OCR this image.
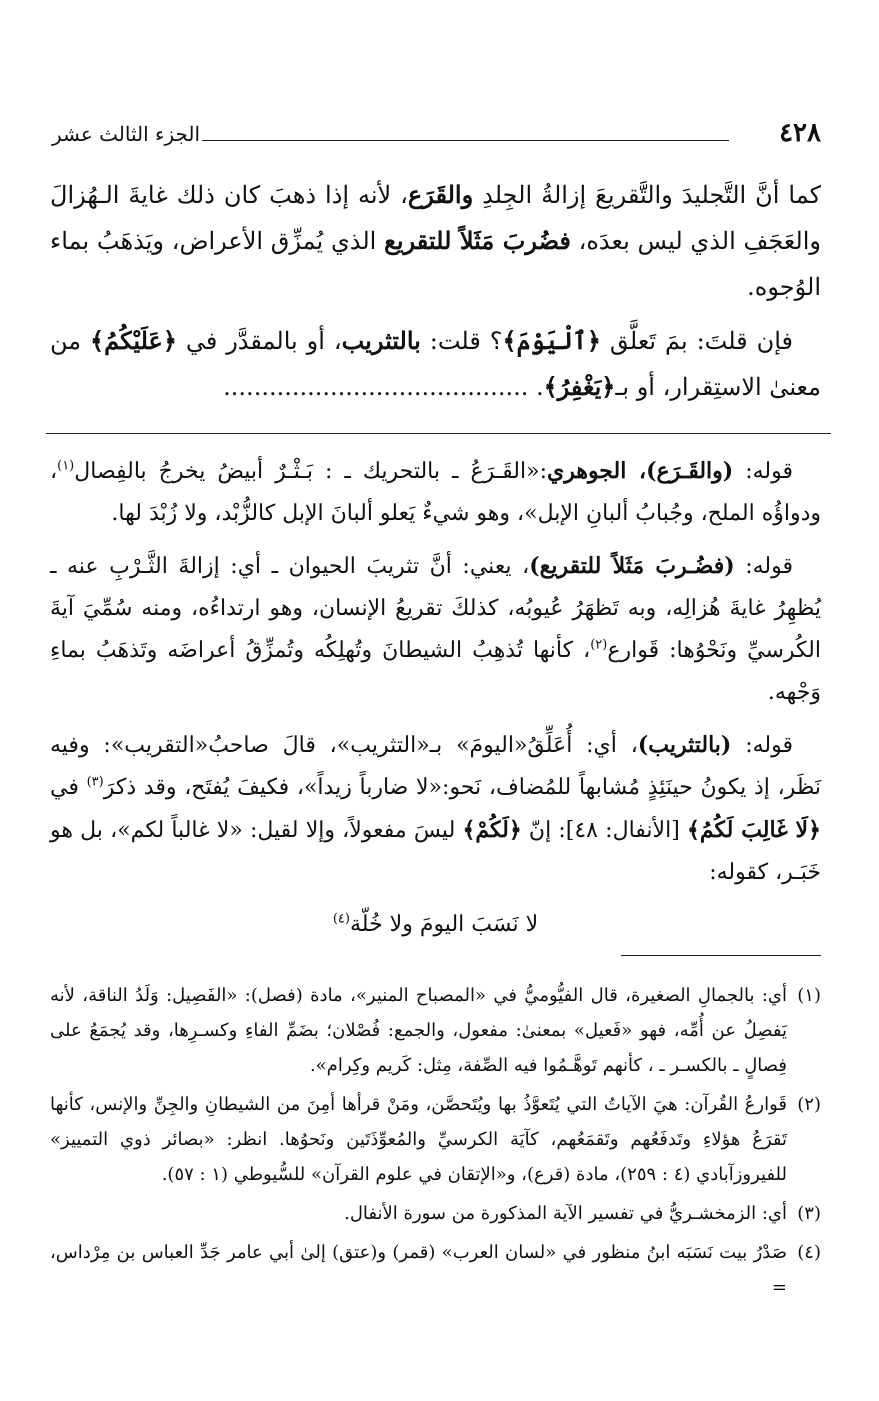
٤٢٨
الجزء الثالث عشر

كما أنَّ التَّجليدَ والتَّقريعَ إزالةُ الجِلدِ والقَرَع، لأنه إذا ذهبَ كان ذلك غايةَ الـهُزالَ والعَجَفِ الذي ليس بعدَه، فضُربَ مَثَلاً للتقريع الذي يُمزِّق الأعراض، ويَذهَبُ بماء الوُجوه.

فإن قلتَ: بمَ تَعلَّق ﴿ٱلْيَوْمَ﴾؟ قلت: بالتثريب، أو بالمقدَّر في ﴿عَلَيْكُمُ﴾ من معنىٰ الاستِقرار، أو بـ﴿يَغْفِرُ﴾. ........................................

قوله: (والقَـرَع)، الجوهري:«القَـرَعُ ـ بالتحريك ـ : بَـثْـرٌ أبيضُ يخرجُ بالفِصال$^{(١)}$، ودواؤُه الملح، وجُبابُ ألبانِ الإبل»، وهو شيءٌ يَعلو ألبانَ الإبل كالزُّبْد، ولا زُبْدَ لها.

قوله: (فضُـربَ مَثَلاً للتقريع)، يعني: أنَّ تثريبَ الحيوان ـ أي: إزالةَ الثَّـرْبِ عنه ـ يُظهِرُ غايةَ هُزالِه، وبه تَظهَرُ عُيوبُه، كذلكَ تقريعُ الإنسان، وهو ارتداءُه، ومنه سُمِّيَ آيةَ الكُرسيِّ ونَحْوُها: قَوارع$^{(٢)}$، كأنها تُذهِبُ الشيطانَ وتُهلِكُه وتُمزِّقُ أعراضَه وتَذهَبُ بماءِ وَجْهه.

قوله: (بالتثريب)، أي: أُعَلِّقُ«اليومَ» بـ«التثريب»، قالَ صاحبُ«التقريب»: وفيه نَظَر، إذ يكونُ حينَئِذٍ مُشابهاً للمُضاف، نَحو:«لا ضارباً زيداً»، فكيفَ يُفتَح، وقد ذكرَ$^{(٣)}$ في ﴿لَا غَالِبَ لَكُمُ﴾ [الأنفال: ٤٨]: إنّ ﴿لَكُمْ﴾ ليسَ مفعولاً، وإلا لقيل: «لا غالباً لكم»، بل هو خَبَـر، كقوله:

لا نَسَبَ اليومَ ولا خُلّة$^{(٤)}$

(١)أي: بالجمالِ الصغيرة، قال الفيُّوميُّ في «المصباح المنير»، مادة (فصل): «الفَصِيل: وَلَدُ الناقة، لأنه يَفصِلُ عن أُمِّه، فهو «فَعيل» بمعنىٰ: مفعول، والجمع: فُصْلان؛ بضَمِّ الفاءِ وكسـرِها، وقد يُجمَعُ على فِصالٍ ـ بالكسـر ـ ، كأنهم تَوهَّـمُوا فيه الصِّفة، مِثل: كَريم وكِرام».

(٢)قَوارعُ القُرآن: هيَ الآياتُ التي يُتَعوَّذُ بها ويُتَحصَّن، ومَنْ قرأها أمِنَ من الشيطانِ والجِنِّ والإنس، كأنها تَقرَعُ هؤلاءِ وتَدفَعُهم وتَقمَعُهم، كآيَة الكرسيِّ والمُعوِّذَتَين ونَحوُها. انظر: «بصائر ذوي التمييز» للفيروزآبادي (٤ : ٢٥٩)، مادة (قرع)، و«الإتقان في علوم القرآن» للسُّيوطي (١ : ٥٧).

(٣)أي: الزمخشـريُّ في تفسير الآية المذكورة من سورة الأنفال.

(٤)صَدْرُ بيت نَسَبَه ابنُ منظور في «لسان العرب» (قمر) و(عتق) إلىٰ أبي عامر جَدِّ العباس بن مِرْداس، =
